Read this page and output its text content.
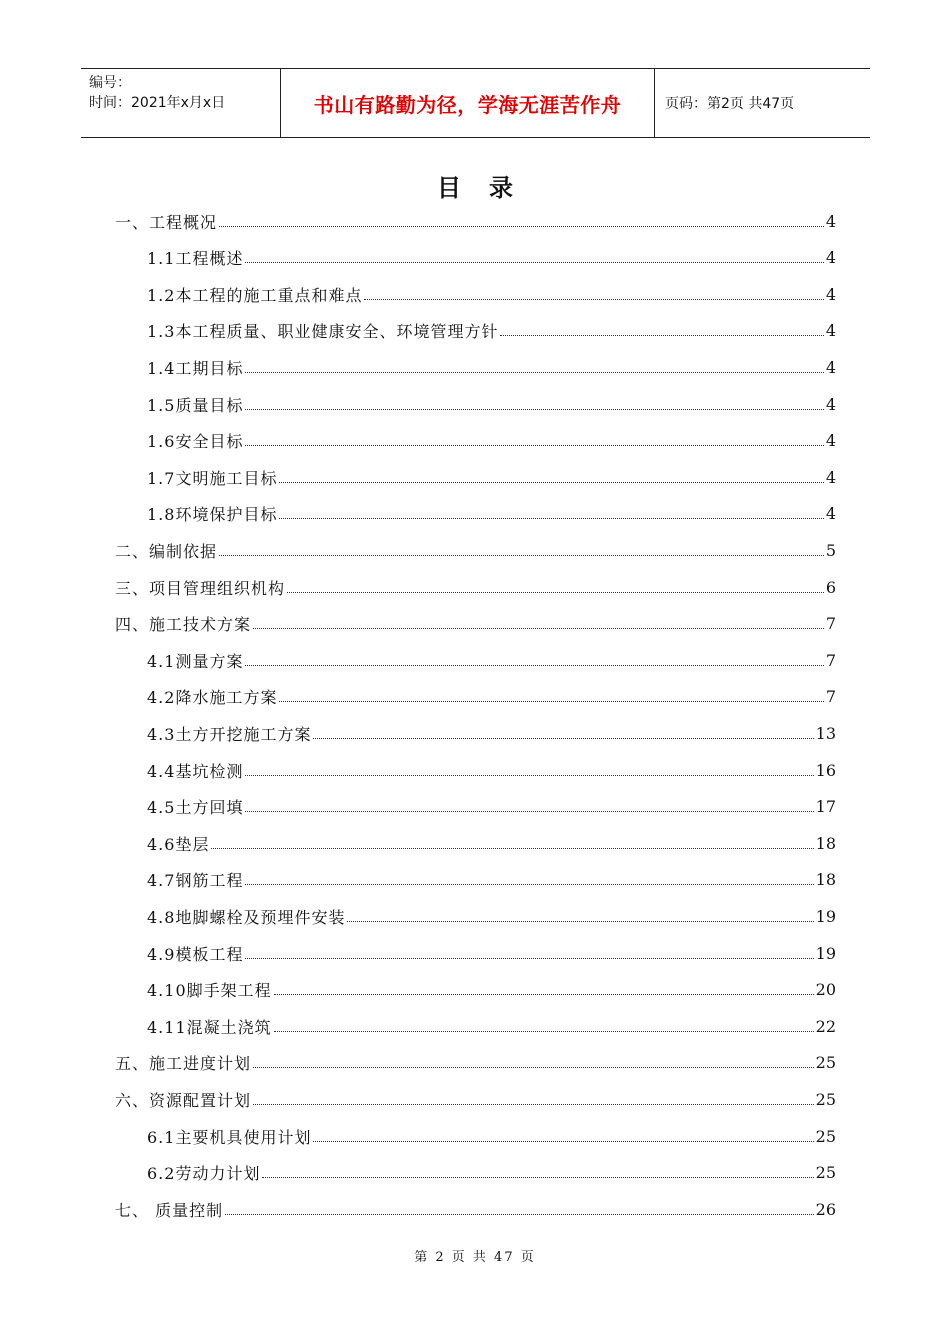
编号：
时间：2021年x月x日	书山有路勤为径，学海无涯苦作舟	页码：第2页 共47页
目录
一、工程概况	4
1.1工程概述	4
1.2本工程的施工重点和难点	4
1.3本工程质量、职业健康安全、环境管理方针	4
1.4工期目标	4
1.5质量目标	4
1.6安全目标	4
1.7文明施工目标	4
1.8环境保护目标	4
二、编制依据	5
三、项目管理组织机构	6
四、施工技术方案	7
4.1测量方案	7
4.2降水施工方案	7
4.3土方开挖施工方案	13
4.4基坑检测	16
4.5土方回填	17
4.6垫层	18
4.7钢筋工程	18
4.8地脚螺栓及预埋件安装	19
4.9模板工程	19
4.10脚手架工程	20
4.11混凝土浇筑	22
五、施工进度计划	25
六、资源配置计划	25
6.1主要机具使用计划	25
6.2劳动力计划	25
七、 质量控制	26
第 2 页 共 47 页
